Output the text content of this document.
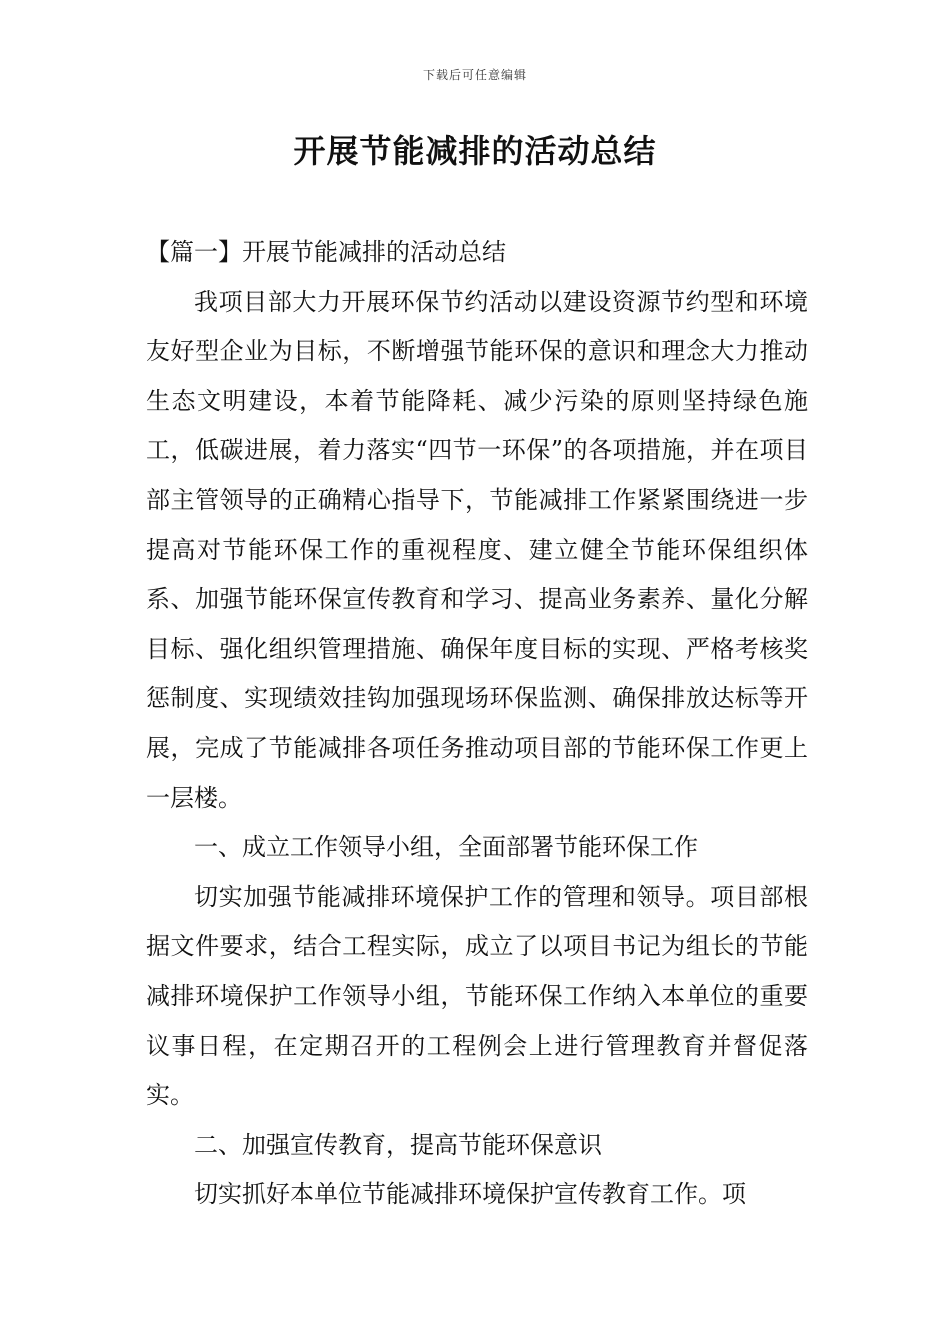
下载后可任意编辑
开展节能减排的活动总结

【篇一】开展节能减排的活动总结

我项目部大力开展环保节约活动以建设资源节约型和环境友好型企业为目标，不断增强节能环保的意识和理念大力推动生态文明建设，本着节能降耗、减少污染的原则坚持绿色施工，低碳进展，着力落实“四节一环保”的各项措施，并在项目部主管领导的正确精心指导下，节能减排工作紧紧围绕进一步提高对节能环保工作的重视程度、建立健全节能环保组织体系、加强节能环保宣传教育和学习、提高业务素养、量化分解目标、强化组织管理措施、确保年度目标的实现、严格考核奖惩制度、实现绩效挂钩加强现场环保监测、确保排放达标等开展，完成了节能减排各项任务推动项目部的节能环保工作更上一层楼。

一、成立工作领导小组，全面部署节能环保工作

切实加强节能减排环境保护工作的管理和领导。项目部根据文件要求，结合工程实际，成立了以项目书记为组长的节能减排环境保护工作领导小组，节能环保工作纳入本单位的重要议事日程，在定期召开的工程例会上进行管理教育并督促落实。

二、加强宣传教育，提高节能环保意识

切实抓好本单位节能减排环境保护宣传教育工作。项
